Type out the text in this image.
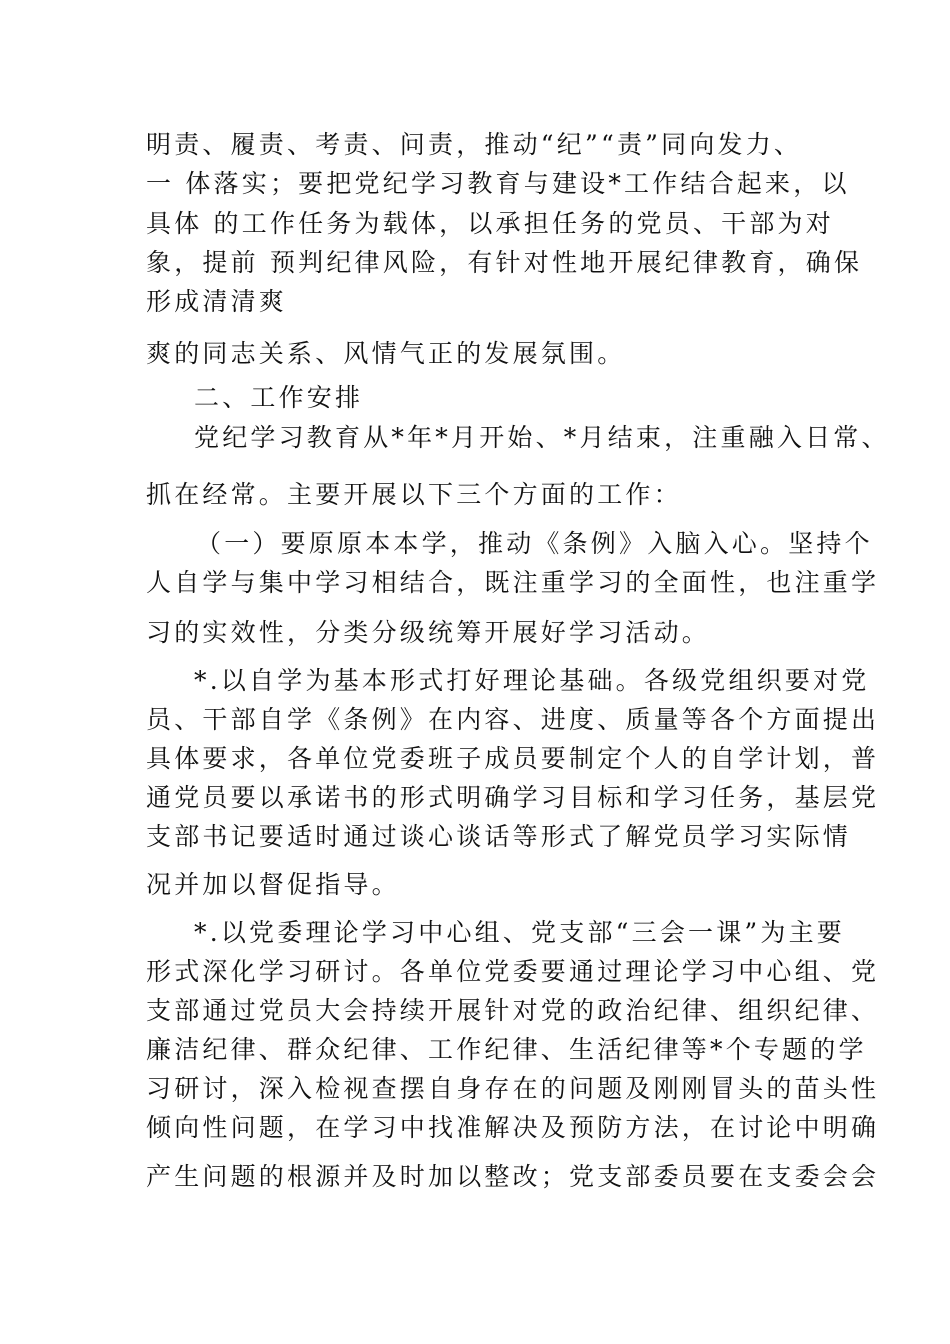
明责、履责、考责、问责，推动“纪”“责”同向发力、
一 体落实；要把党纪学习教育与建设*工作结合起来，以
具体 的工作任务为载体，以承担任务的党员、干部为对
象，提前 预判纪律风险，有针对性地开展纪律教育，确保
形成清清爽
爽的同志关系、风情气正的发展氛围。
二、工作安排
党纪学习教育从*年*月开始、*月结束，注重融入日常、
抓在经常。主要开展以下三个方面的工作：
（一）要原原本本学，推动《条例》入脑入心。坚持个
人自学与集中学习相结合，既注重学习的全面性，也注重学
习的实效性，分类分级统筹开展好学习活动。
*.以自学为基本形式打好理论基础。各级党组织要对党
员、干部自学《条例》在内容、进度、质量等各个方面提出
具体要求，各单位党委班子成员要制定个人的自学计划，普
通党员要以承诺书的形式明确学习目标和学习任务，基层党
支部书记要适时通过谈心谈话等形式了解党员学习实际情
况并加以督促指导。
*.以党委理论学习中心组、党支部“三会一课”为主要
形式深化学习研讨。各单位党委要通过理论学习中心组、党
支部通过党员大会持续开展针对党的政治纪律、组织纪律、
廉洁纪律、群众纪律、工作纪律、生活纪律等*个专题的学
习研讨，深入检视查摆自身存在的问题及刚刚冒头的苗头性
倾向性问题，在学习中找准解决及预防方法，在讨论中明确
产生问题的根源并及时加以整改；党支部委员要在支委会会
